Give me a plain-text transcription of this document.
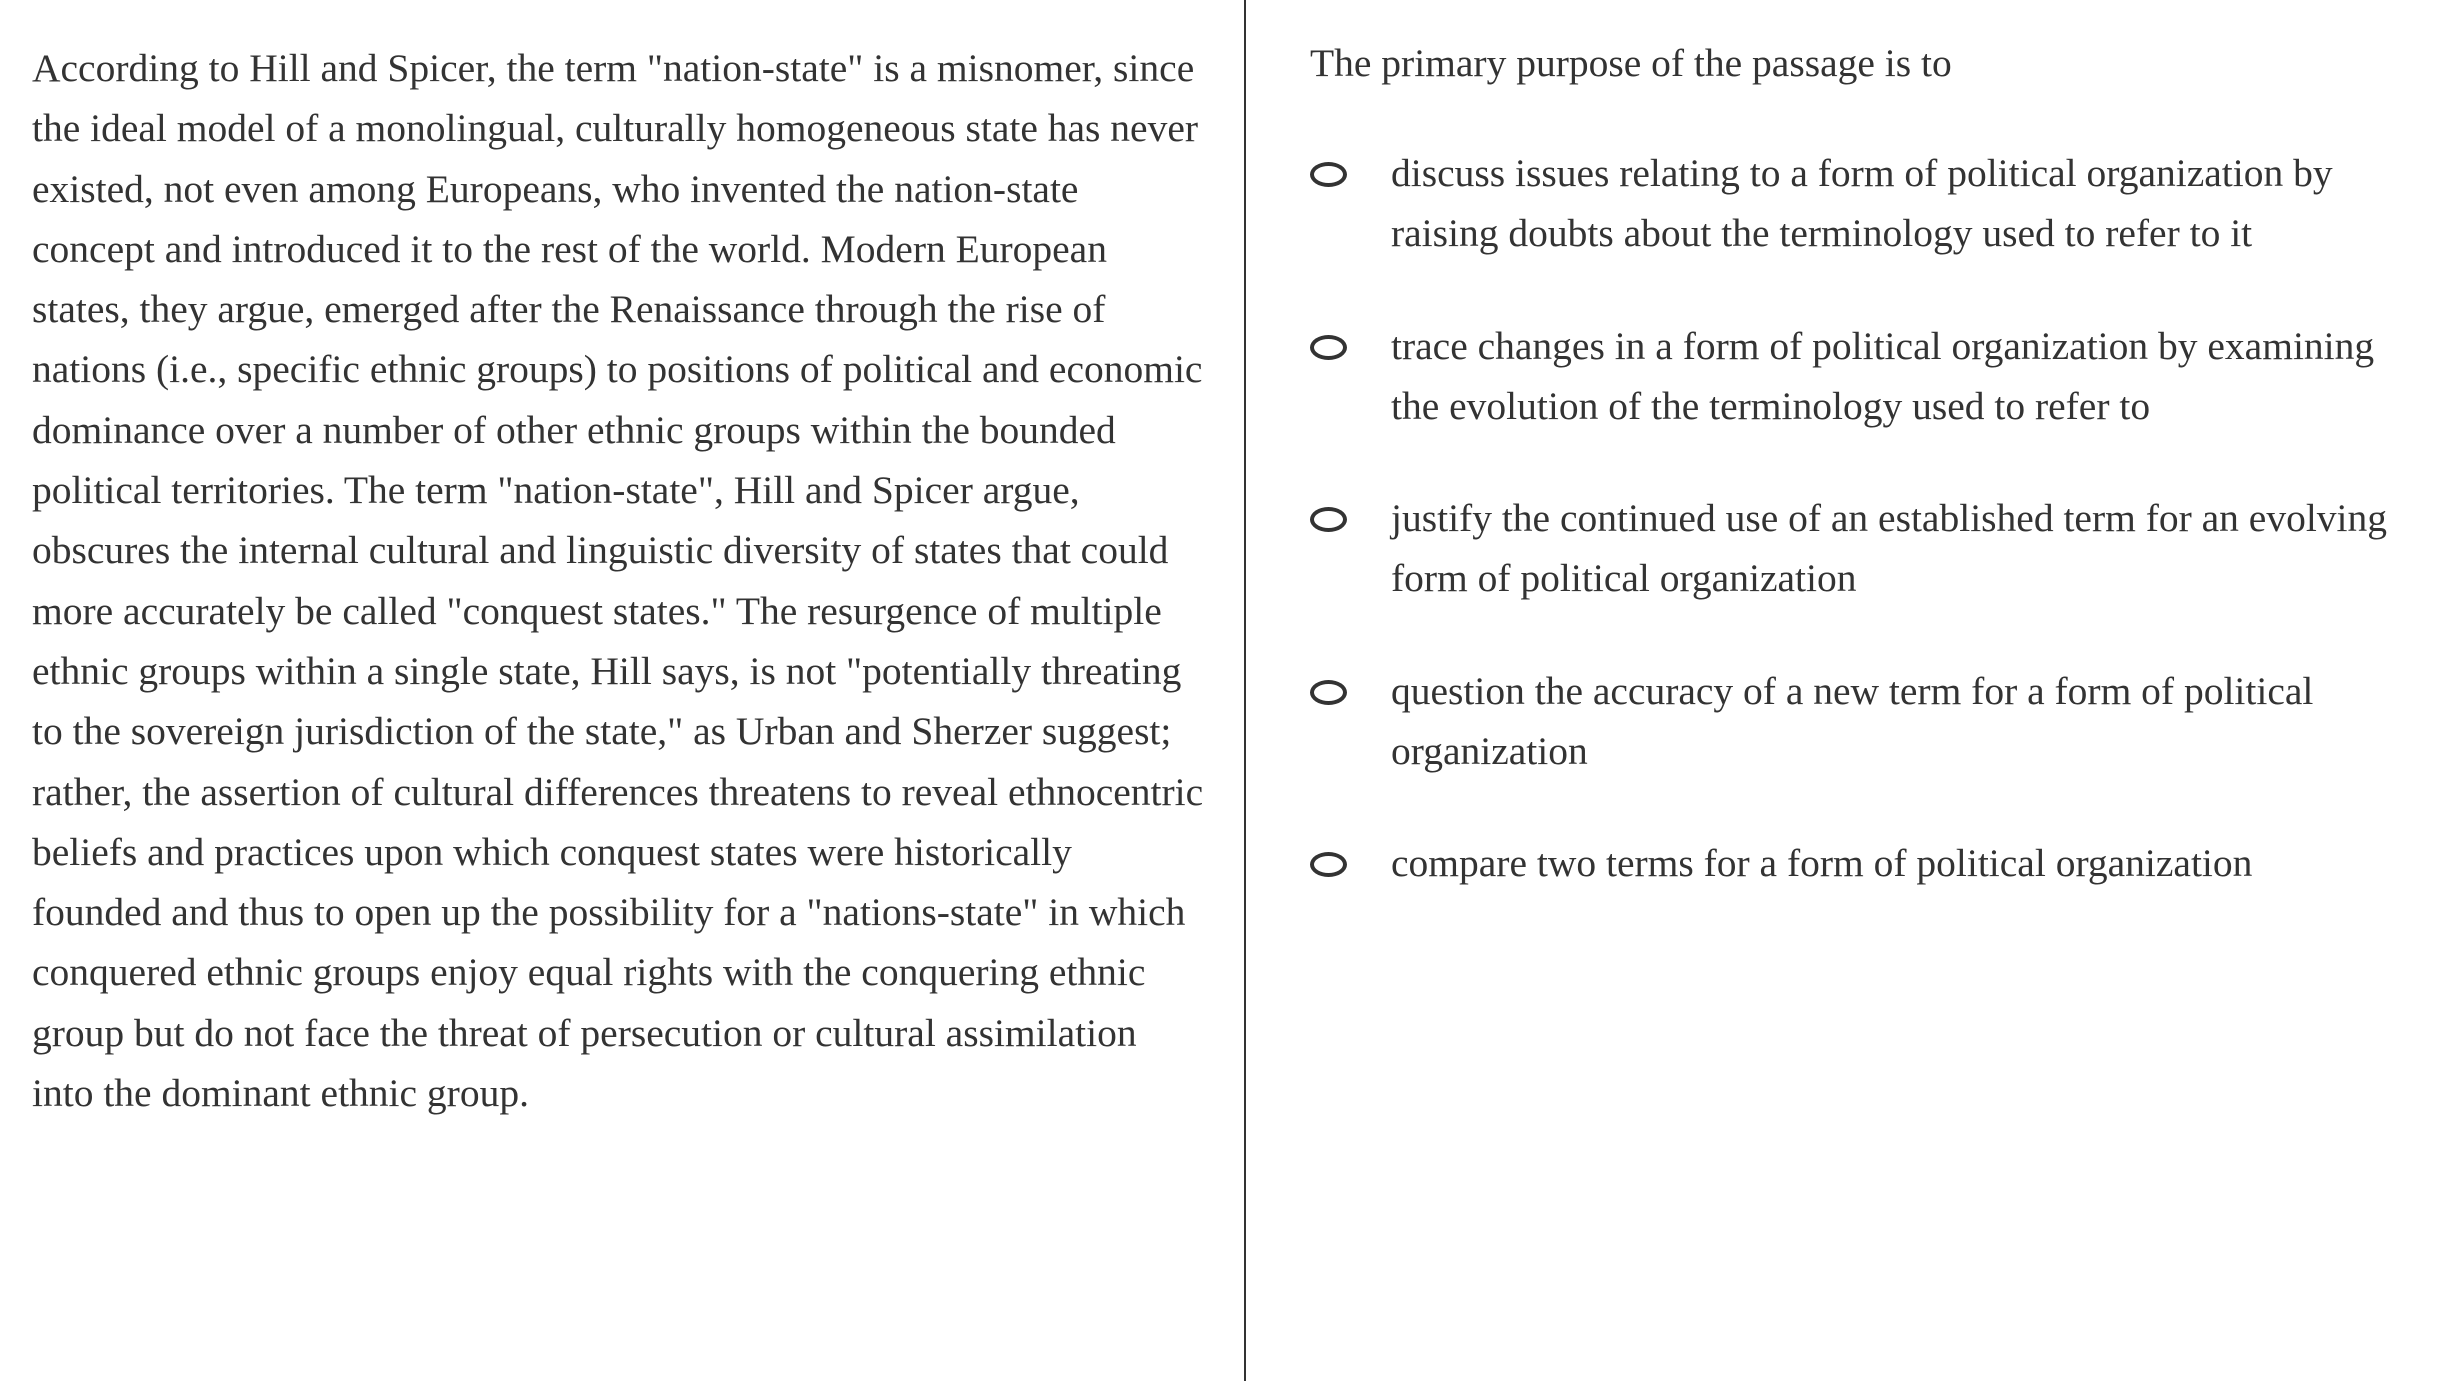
According to Hill and Spicer, the term "nation-state" is a misnomer, since the ideal model of a monolingual, culturally homogeneous state has never existed, not even among Europeans, who invented the nation-state concept and introduced it to the rest of the world. Modern European states, they argue, emerged after the Renaissance through the rise of nations (i.e., specific ethnic groups) to positions of political and economic dominance over a number of other ethnic groups within the bounded political territories. The term "nation-state", Hill and Spicer argue, obscures the internal cultural and linguistic diversity of states that could more accurately be called "conquest states." The resurgence of multiple ethnic groups within a single state, Hill says, is not "potentially threating to the sovereign jurisdiction of the state," as Urban and Sherzer suggest; rather, the assertion of cultural differences threatens to reveal ethnocentric beliefs and practices upon which conquest states were historically founded and thus to open up the possibility for a "nations-state" in which conquered ethnic groups enjoy equal rights with the conquering ethnic group but do not face the threat of persecution or cultural assimilation into the dominant ethnic group.

The primary purpose of the passage is to
discuss issues relating to a form of political organization by raising doubts about the terminology used to refer to it
trace changes in a form of political organization by examining the evolution of the terminology used to refer to
justify the continued use of an established term for an evolving form of political organization
question the accuracy of a new term for a form of political organization
compare two terms for a form of political organization
